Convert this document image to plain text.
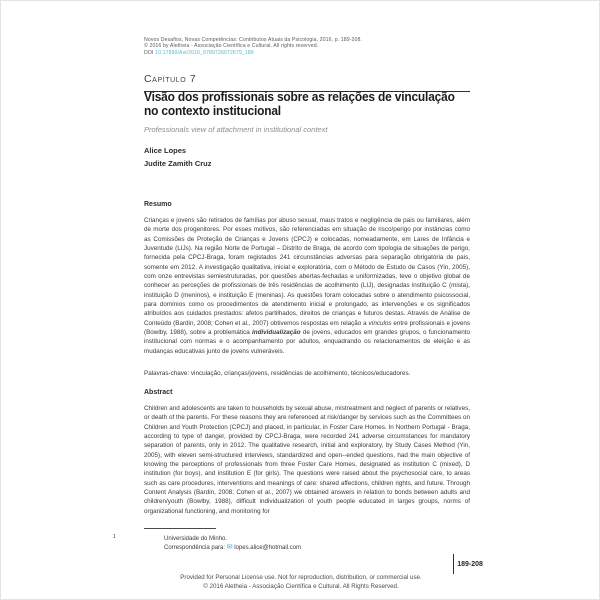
Novos Desafios, Novas Competências: Contributos Atuais da Psicologia, 2016, p. 189-208.
© 2016 by Aletheia - Associação Científica e Cultural. All rights reserved.
DOI 10.17990/Axi/2016_9789726972679_189
Capítulo 7
Visão dos profissionais sobre as relações de vinculação no contexto institucional
Professionals view of attachment in institutional context
Alice Lopes
Judite Zamith Cruz
Resumo

Crianças e jovens são retirados de famílias por abuso sexual, maus tratos e negligência de pais ou familiares, além de morte dos progenitores. Por esses motivos, são referenciadas em situação de risco/perigo por instâncias como as Comissões de Proteção de Crianças e Jovens (CPCJ) e colocadas, nomeadamente, em Lares de Infância e Juventude (LIJs). Na região Norte de Portugal – Distrito de Braga, de acordo com tipologia de situações de perigo, fornecida pela CPCJ-Braga, foram registados 241 circunstâncias adversas para separação obrigatória de pais, somente em 2012. A investigação qualitativa, inicial e exploratória, com o Método de Estudo de Casos (Yin, 2005), com onze entrevistas semiestruturadas, por questões abertas-fechadas e uniformizadas, teve o objetivo global de conhecer as perceções de profissionais de três residências de acolhimento (LIJ), designadas instituição C (mista), instituição D (meninos), e instituição E (meninas). As questões foram colocadas sobre o atendimento psicossocial, para domínios como os procedimentos de atendimento inicial e prolongado, as intervenções e os significados atribuídos aos cuidados prestados: afetos partilhados, direitos de crianças e futuros destas. Através de Análise de Conteúdo (Bardin, 2008; Cohen et al., 2007) obtivemos respostas em relação a vínculos entre profissionais e jovens (Bowlby, 1988), sobre a problemática individualização de jovens, educados em grandes grupos, o funcionamento institucional com normas e o acompanhamento por adultos, enquadrando os relacionamentos de eleição e as mudanças educativas junto de jovens vulneráveis.

Palavras-chave: vinculação, crianças/jovens, residências de acolhimento, técnicos/educadores.
Abstract

Children and adolescents are taken to households by sexual abuse, mistreatment and neglect of parents or relatives, or death of the parents. For these reasons they are referenced at risk/danger by services such as the Committees on Children and Youth Protection (CPCJ) and placed, in particular, in Foster Care Homes. In Northern Portugal - Braga, according to type of danger, provided by CPCJ-Braga, were recorded 241 adverse circumstances for mandatory separation of parents, only in 2012. The qualitative research, initial and exploratory, by Study Cases Method (Yin, 2005), with eleven semi-structured interviews, standardized and open--ended questions, had the main objective of knowing the perceptions of professionals from three Foster Care Homes, designated as institution C (mixed), D institution (for boys), and institution E (for girls). The questions were raised about the psychosocial care, to areas such as care procedures, interventions and meanings of care: shared affections, children rights, and future. Through Content Analysis (Bardin, 2008; Cohen et al., 2007) we obtained answers in relation to bonds between adults and children/youth (Bowlby, 1988), difficult individualization of youth people educated in larges groups, norms of organizational functioning, and monitoring for

1	Universidade do Minho.
Correspondência para: ✉ lopes.alice@hotmail.com
189-208
Provided for Personal License use. Not for reproduction, distribution, or commercial use.
© 2016 Aletheia - Associação Científica e Cultural. All Rights Reserved.
